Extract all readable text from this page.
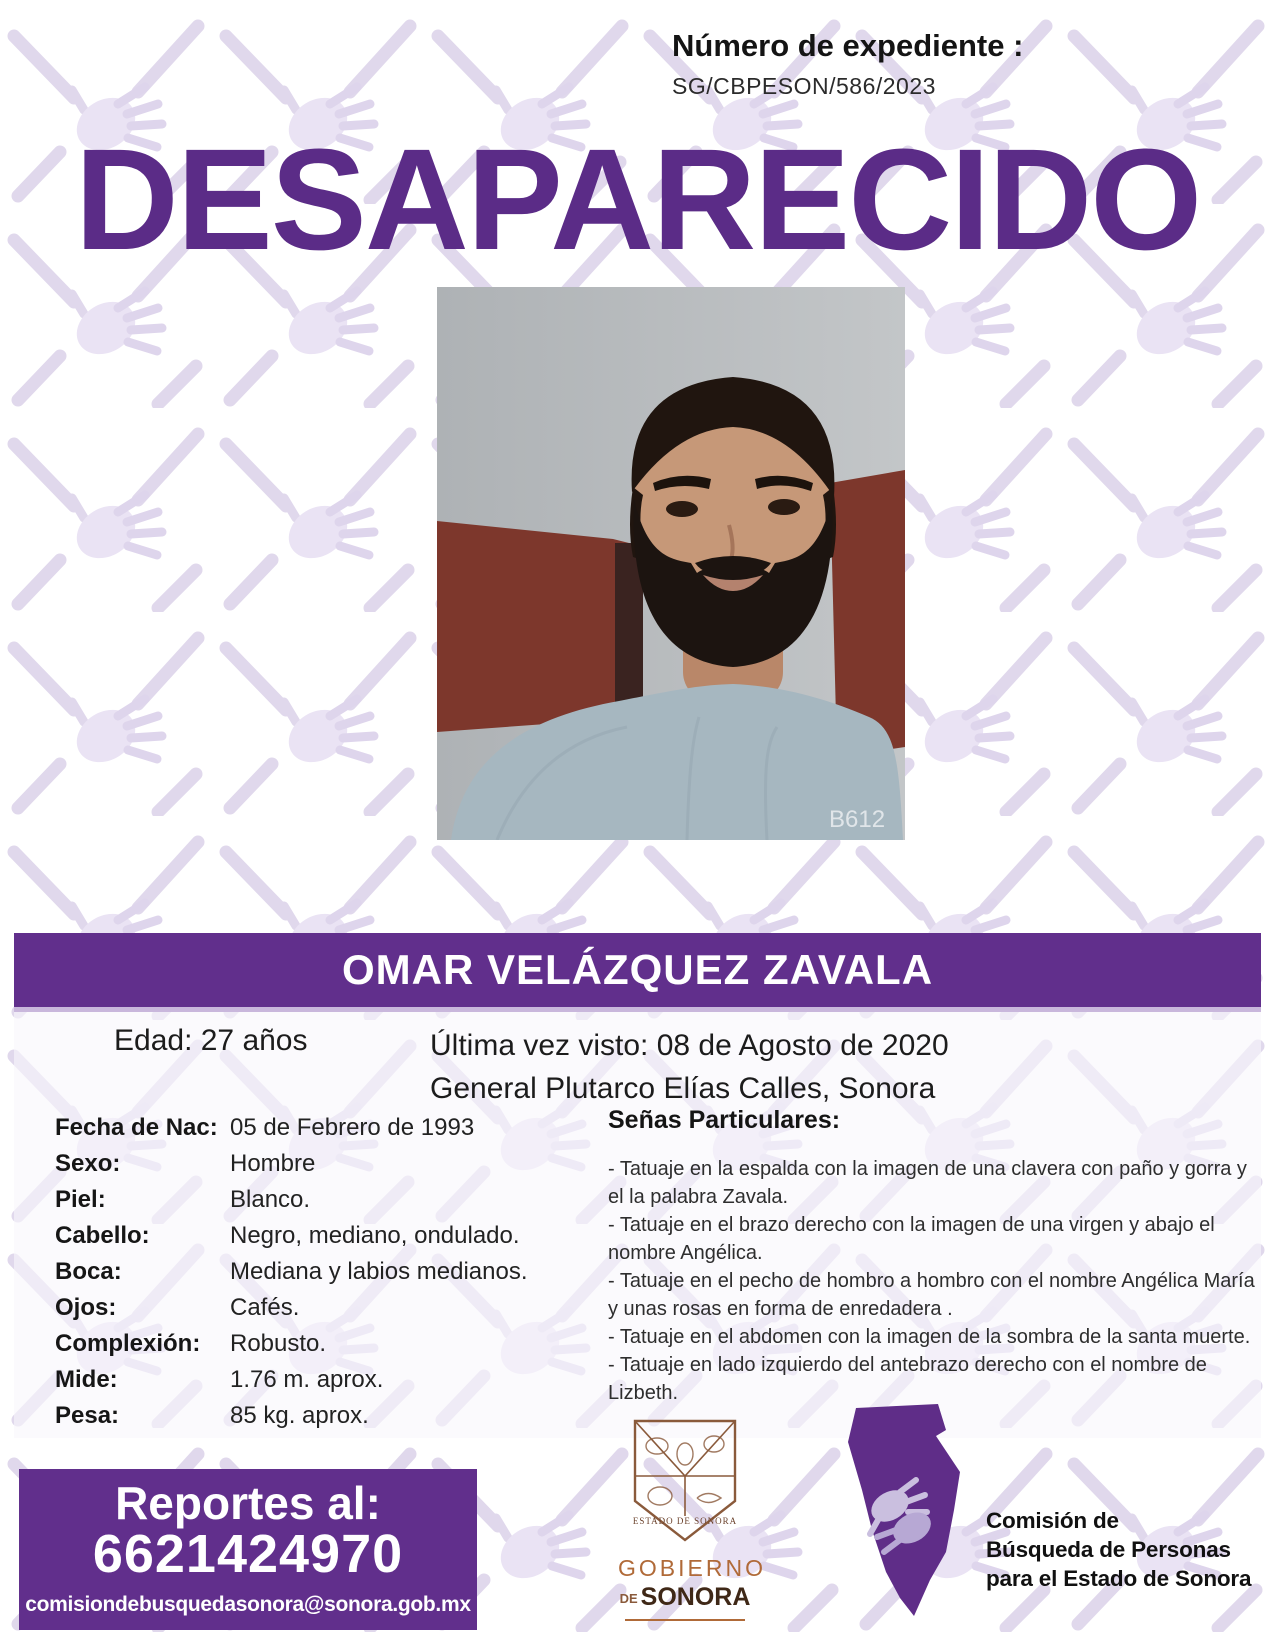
Número de expediente :
SG/CBPESON/586/2023
DESAPARECIDO
B612
OMAR VELÁZQUEZ ZAVALA
Edad: 27 años	Última vez visto: 08 de Agosto de 2020
General Plutarco Elías Calles, Sonora
Fecha de Nac: 05 de Febrero de 1993
Sexo:	Hombre
Piel:	Blanco.
Cabello:	Negro, mediano, ondulado.
Boca:	Mediana y labios medianos.
Ojos:	Cafés.
Complexión:	Robusto.
Mide:	1.76 m. aprox.
Pesa:	85 kg. aprox.

Señas Particulares:

- Tatuaje en la espalda con la imagen de una clavera con paño y gorra y el la palabra Zavala.

- Tatuaje en el brazo derecho con la imagen de una virgen y abajo el nombre Angélica.

- Tatuaje en el pecho de hombro a hombro con el nombre Angélica María y unas rosas en forma de enredadera .

- Tatuaje en el abdomen con la imagen de la sombra de la santa muerte.

- Tatuaje en lado izquierdo del antebrazo derecho con el nombre de Lizbeth.

Reportes al:
6621424970
comisiondebusquedasonora@sonora.gob.mx
ESTADO DE SONORA
GOBIERNO
DE SONORA
Comisión de
Búsqueda de Personas
para el Estado de Sonora
